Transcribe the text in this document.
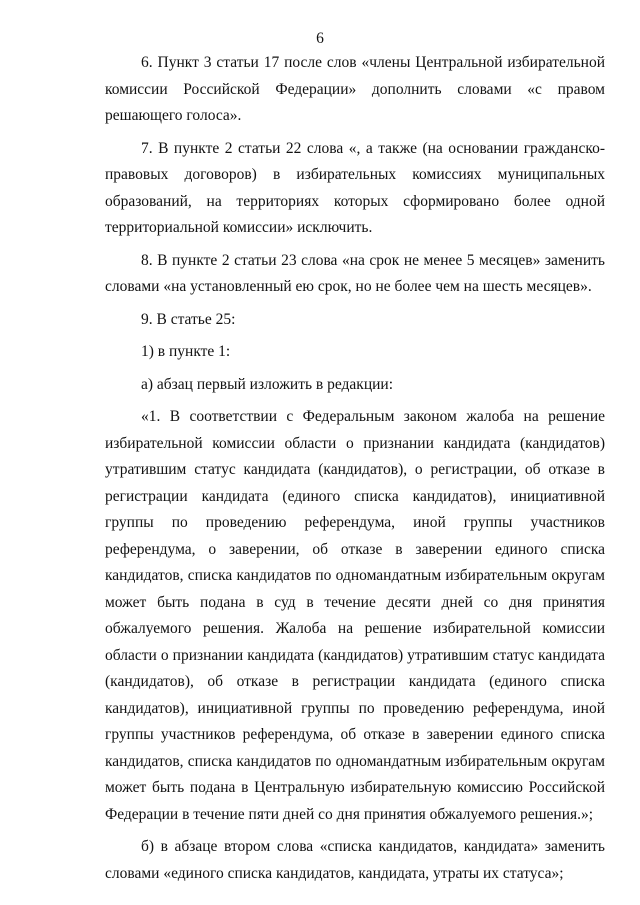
6

6. Пункт 3 статьи 17 после слов «члены Центральной избирательной комиссии Российской Федерации» дополнить словами «с правом решающего голоса».

7. В пункте 2 статьи 22 слова «, а также (на основании гражданско-правовых договоров) в избирательных комиссиях муниципальных образований, на территориях которых сформировано более одной территориальной комиссии» исключить.

8. В пункте 2 статьи 23 слова «на срок не менее 5 месяцев» заменить словами «на установленный ею срок, но не более чем на шесть месяцев».

9. В статье 25:

1) в пункте 1:

а) абзац первый изложить в редакции:

«1. В соответствии с Федеральным законом жалоба на решение избирательной комиссии области о признании кандидата (кандидатов) утратившим статус кандидата (кандидатов), о регистрации, об отказе в регистрации кандидата (единого списка кандидатов), инициативной группы по проведению референдума, иной группы участников референдума, о заверении, об отказе в заверении единого списка кандидатов, списка кандидатов по одномандатным избирательным округам может быть подана в суд в течение десяти дней со дня принятия обжалуемого решения. Жалоба на решение избирательной комиссии области о признании кандидата (кандидатов) утратившим статус кандидата (кандидатов), об отказе в регистрации кандидата (единого списка кандидатов), инициативной группы по проведению референдума, иной группы участников референдума, об отказе в заверении единого списка кандидатов, списка кандидатов по одномандатным избирательным округам может быть подана в Центральную избирательную комиссию Российской Федерации в течение пяти дней со дня принятия обжалуемого решения.»;

б) в абзаце втором слова «списка кандидатов, кандидата» заменить словами «единого списка кандидатов, кандидата, утраты их статуса»;
